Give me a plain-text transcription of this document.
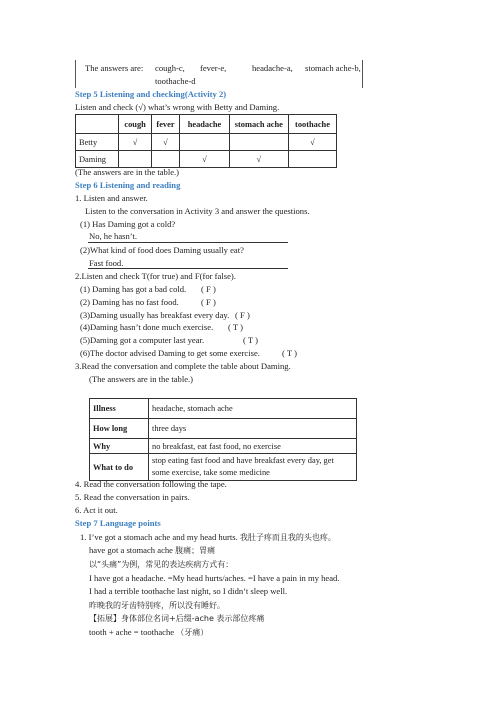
The answers are: cough-c, fever-e,	headache-a, stomach ache-b,
toothache-d
Step 5 Listening and checking(Activity 2)
Listen and check (√) what’s wrong with Betty and Daming.
	cough	fever	headache	stomach ache	toothache
Betty	√	√			√
Daming			√	√	
(The answers are in the table.)
Step 6 Listening and reading
1. Listen and answer.
Listen to the conversation in Activity 3 and answer the questions.
(1) Has Daming got a cold?
No, he hasn’t.
(2)What kind of food does Daming usually eat?
Fast food.
2.Listen and check T(for true) and F(for false).
(1) Daming has got a bad cold. ( F )
(2) Daming has no fast food.	( F )
(3)Daming usually has breakfast every day. ( F )
(4)Daming hasn’t done much exercise. ( T )
(5)Daming got a computer last year.	( T )
(6)The doctor advised Daming to get some exercise.	( T )
3.Read the conversation and complete the table about Daming.
(The answers are in the table.)
Illness	headache, stomach ache
How long	three days
Why	no breakfast, eat fast food, no exercise
What to do	stop eating fast food and have breakfast every day, get
some exercise, take some medicine
4. Read the conversation following the tape.
5. Read the conversation in pairs.
6. Act it out.
Step 7 Language points
1. I’ve got a stomach ache and my head hurts. 我肚子疼而且我的头也疼。
have got a stomach ache 腹痛；胃痛
以“头痛”为例，常见的表达疾病方式有：
I have got a headache. =My head hurts/aches. =I have a pain in my head.
I had a terrible toothache last night, so I didn’t sleep well.
昨晚我的牙齿特别疼，所以没有睡好。
【拓展】身体部位名词+后缀-ache 表示部位疼痛
tooth + ache = toothache （牙痛）
